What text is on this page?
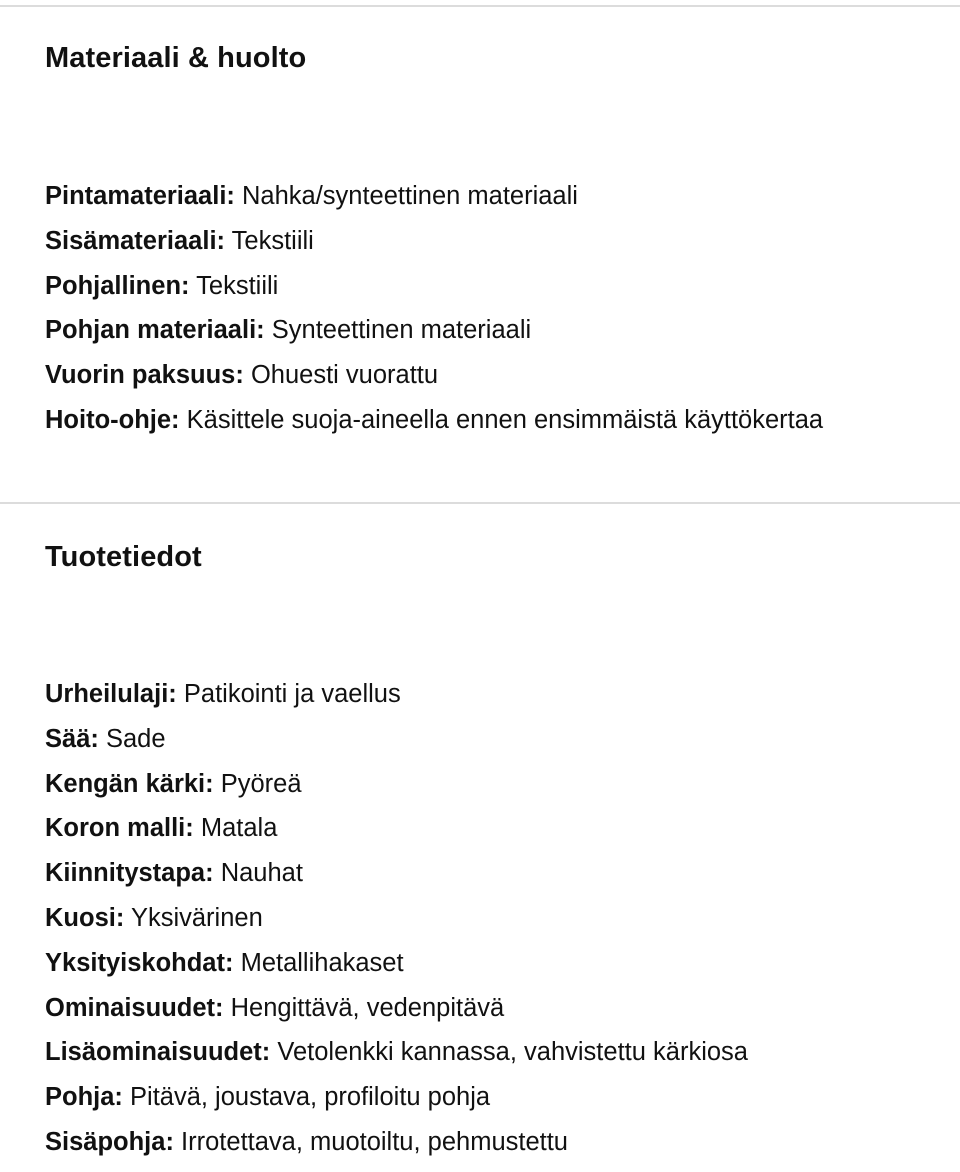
Materiaali & huolto
Pintamateriaali: Nahka/synteettinen materiaali
Sisämateriaali: Tekstiili
Pohjallinen: Tekstiili
Pohjan materiaali: Synteettinen materiaali
Vuorin paksuus: Ohuesti vuorattu
Hoito-ohje: Käsittele suoja-aineella ennen ensimmäistä käyttökertaa
Tuotetiedot
Urheilulaji: Patikointi ja vaellus
Sää: Sade
Kengän kärki: Pyöreä
Koron malli: Matala
Kiinnitystapa: Nauhat
Kuosi: Yksivärinen
Yksityiskohdat: Metallihakaset
Ominaisuudet: Hengittävä, vedenpitävä
Lisäominaisuudet: Vetolenkki kannassa, vahvistettu kärkiosa
Pohja: Pitävä, joustava, profiloitu pohja
Sisäpohja: Irrotettava, muotoiltu, pehmustettu
